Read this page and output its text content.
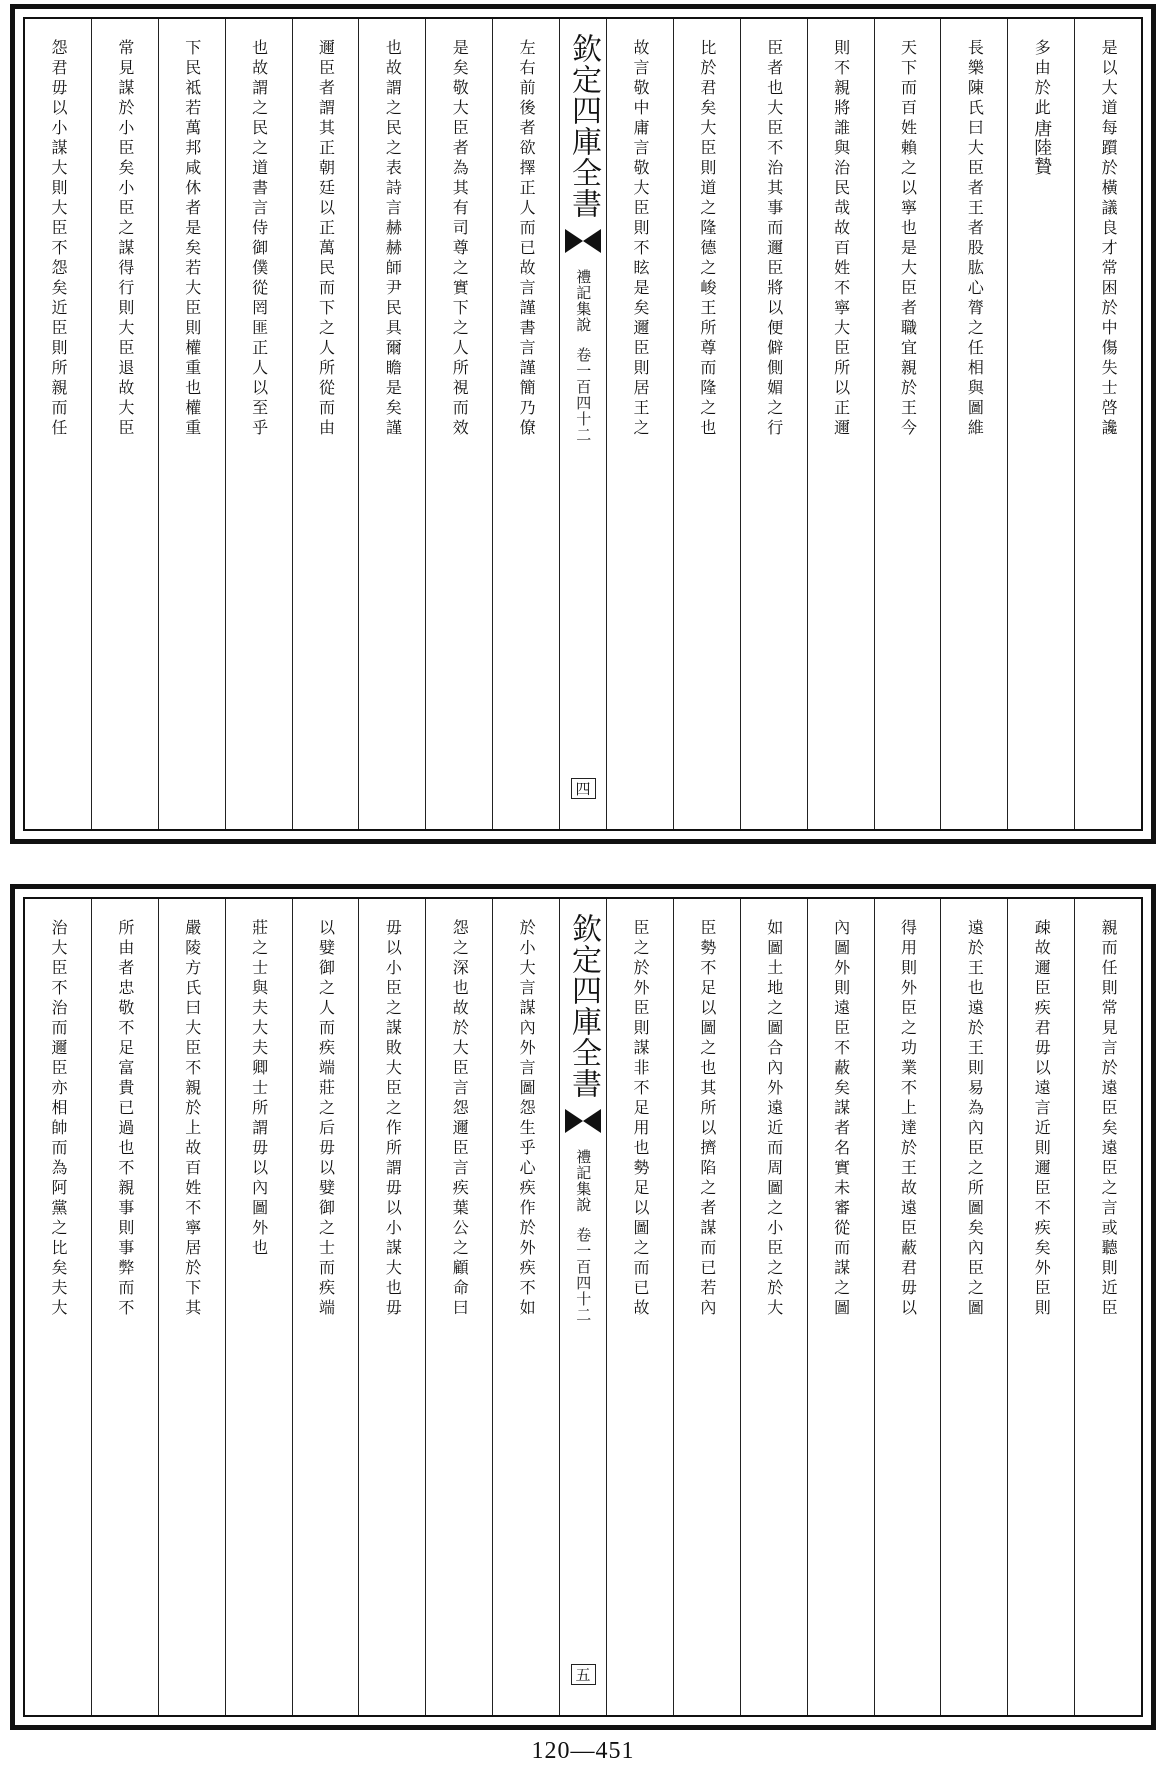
是以大道每躓於橫議良才常困於中傷失士啓讒
多由於此唐陸贄
長樂陳氏曰大臣者王者股肱心膂之任相與圖維
天下而百姓賴之以寧也是大臣者職宜親於王今
則不親將誰與治民哉故百姓不寧大臣所以正邇
臣者也大臣不治其事而邇臣將以便僻側媚之行
比於君矣大臣則道之隆德之峻王所尊而隆之也
故言敬中庸言敬大臣則不眩是矣邇臣則居王之
欽定四庫全書
禮記集說
卷一百四十二
四
左右前後者欲擇正人而已故言謹書言謹簡乃僚
是矣敬大臣者為其有司尊之實下之人所視而效
也故謂之民之表詩言赫赫師尹民具爾瞻是矣謹
邇臣者謂其正朝廷以正萬民而下之人所從而由
也故謂之民之道書言侍御僕從罔匪正人以至乎
下民祗若萬邦咸休者是矣若大臣則權重也權重
常見謀於小臣矣小臣之謀得行則大臣退故大臣
怨君毋以小謀大則大臣不怨矣近臣則所親而任
親而任則常見言於遠臣矣遠臣之言或聽則近臣
疎故邇臣疾君毋以遠言近則邇臣不疾矣外臣則
遠於王也遠於王則易為內臣之所圖矣內臣之圖
得用則外臣之功業不上達於王故遠臣蔽君毋以
內圖外則遠臣不蔽矣謀者名實未審從而謀之圖
如圖土地之圖合內外遠近而周圖之小臣之於大
臣勢不足以圖之也其所以擠陷之者謀而已若內
臣之於外臣則謀非不足用也勢足以圖之而已故
欽定四庫全書
禮記集說
卷一百四十二
五
於小大言謀內外言圖怨生乎心疾作於外疾不如
怨之深也故於大臣言怨邇臣言疾葉公之顧命曰
毋以小臣之謀敗大臣之作所謂毋以小謀大也毋
以嬖御之人而疾端莊之后毋以嬖御之士而疾端
莊之士與夫大夫卿士所謂毋以內圖外也
嚴陵方氏曰大臣不親於上故百姓不寧居於下其
所由者忠敬不足富貴已過也不親事則事弊而不
治大臣不治而邇臣亦相帥而為阿黨之比矣夫大
120—451
